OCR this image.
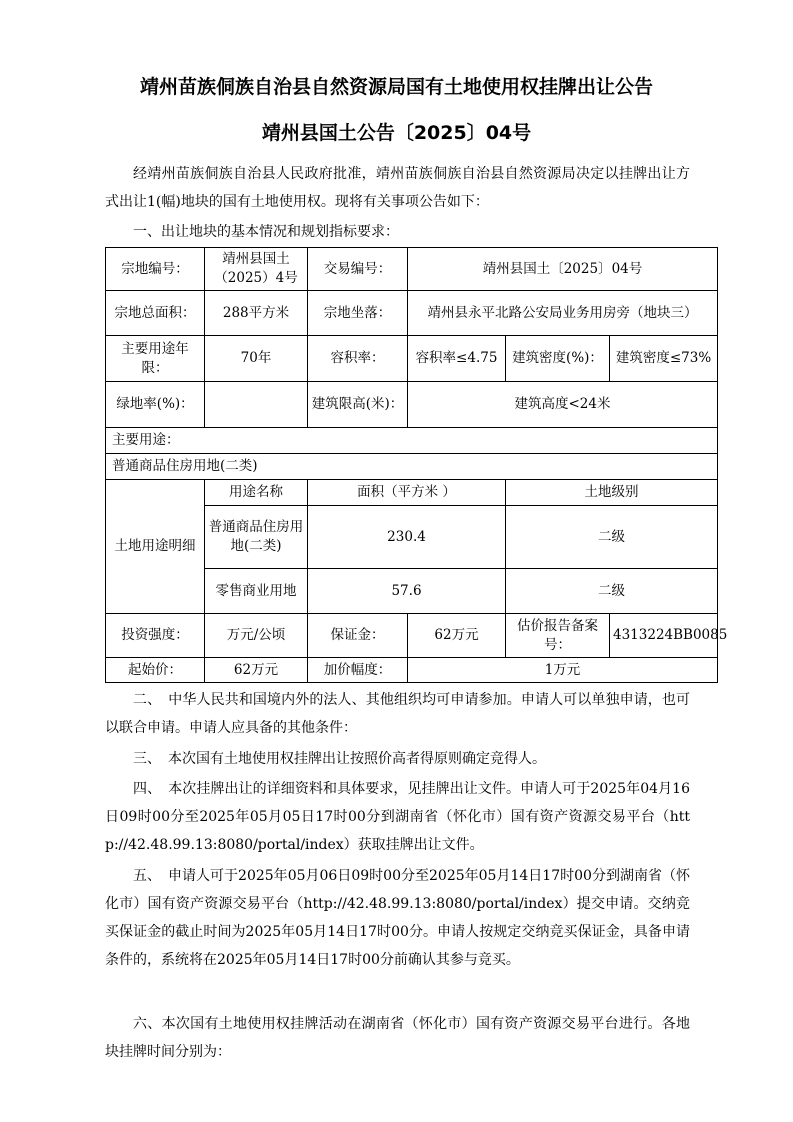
靖州苗族侗族自治县自然资源局国有土地使用权挂牌出让公告
靖州县国土公告〔2025〕04号
经靖州苗族侗族自治县人民政府批准，靖州苗族侗族自治县自然资源局决定以挂牌出让方式出让1(幅)地块的国有土地使用权。现将有关事项公告如下：
一、出让地块的基本情况和规划指标要求：
宗地编号：	靖州县国土（2025）4号	交易编号：	靖州县国土〔2025〕04号		
宗地总面积：	288平方米	宗地坐落：	靖州县永平北路公安局业务用房旁（地块三）		
主要用途年限：	70年	容积率：	容积率≤4.75	建筑密度(%)：	建筑密度≤73%
绿地率(%)：		建筑限高(米)：	建筑高度<24米		
主要用途：					
普通商品住房用地(二类)					
土地用途明细	用途名称	面积（平方米 ）		土地级别	
	普通商品住房用地(二类)	230.4		二级	
	零售商业用地	57.6		二级	
投资强度：	万元/公顷	保证金：	62万元	估价报告备案号：	4313224BB0085
起始价：	62万元	加价幅度：	1万元		
二、　中华人民共和国境内外的法人、其他组织均可申请参加。申请人可以单独申请，也可以联合申请。申请人应具备的其他条件：
三、　本次国有土地使用权挂牌出让按照价高者得原则确定竞得人。
四、　本次挂牌出让的详细资料和具体要求，见挂牌出让文件。申请人可于2025年04月16日09时00分至2025年05月05日17时00分到湖南省（怀化市）国有资产资源交易平台（http://42.48.99.13:8080/portal/index）获取挂牌出让文件。
五、　申请人可于2025年05月06日09时00分至2025年05月14日17时00分到湖南省（怀化市）国有资产资源交易平台（http://42.48.99.13:8080/portal/index）提交申请。交纳竞买保证金的截止时间为2025年05月14日17时00分。申请人按规定交纳竞买保证金，具备申请条件的，系统将在2025年05月14日17时00分前确认其参与竞买。
六、本次国有土地使用权挂牌活动在湖南省（怀化市）国有资产资源交易平台进行。各地块挂牌时间分别为：
